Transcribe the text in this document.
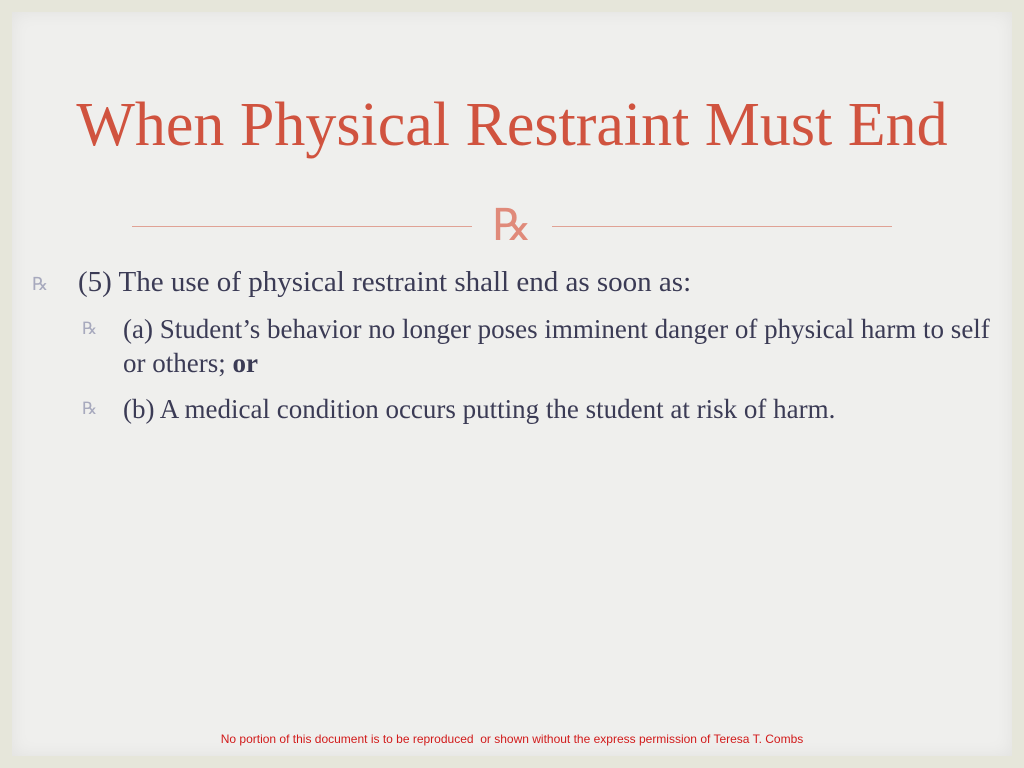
When Physical Restraint Must End
℞
℞ (5) The use of physical restraint shall end as soon as:
℞ (a) Student’s behavior no longer poses imminent danger of physical harm to self or others; or
℞ (b) A medical condition occurs putting the student at risk of harm.
No portion of this document is to be reproduced  or shown without the express permission of Teresa T. Combs
